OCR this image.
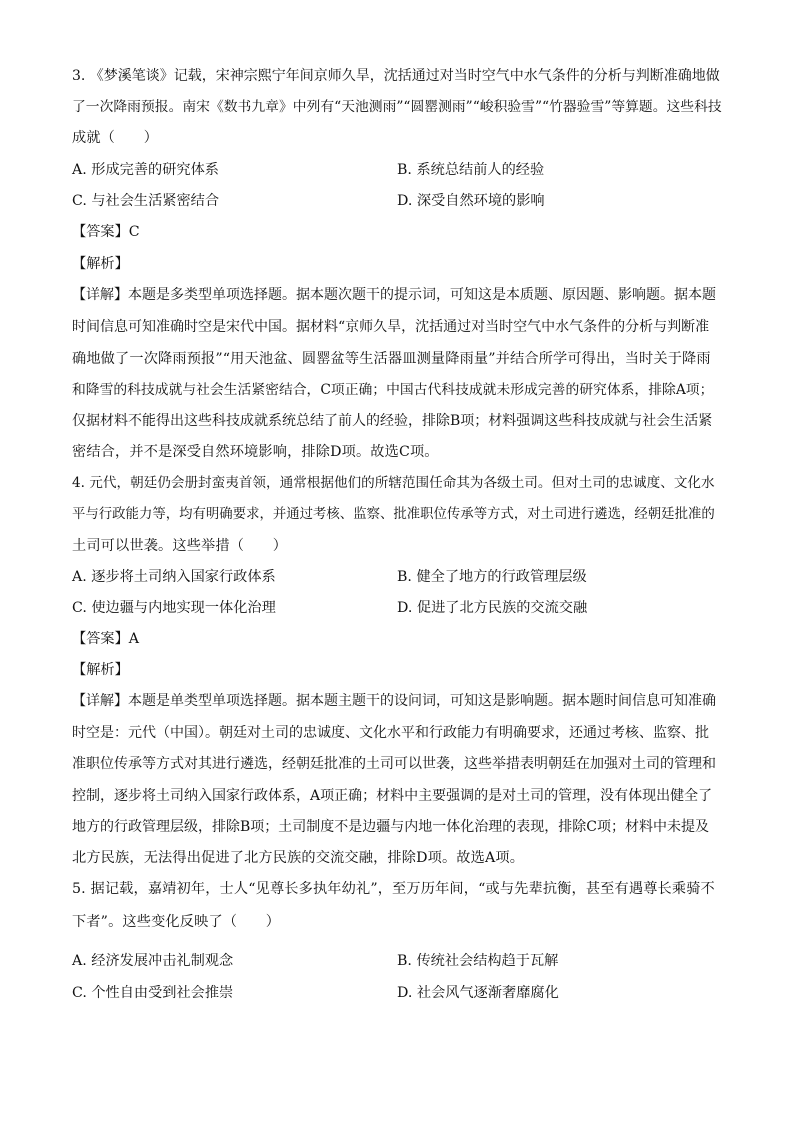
3. 《梦溪笔谈》记载，宋神宗熙宁年间京师久旱，沈括通过对当时空气中水气条件的分析与判断准确地做
了一次降雨预报。南宋《数书九章》中列有“天池测雨”“圆罂测雨”“峻积验雪”“竹器验雪”等算题。这些科技
成就（　　）
A. 形成完善的研究体系	B. 系统总结前人的经验
C. 与社会生活紧密结合	D. 深受自然环境的影响
【答案】C
【解析】
【详解】本题是多类型单项选择题。据本题次题干的提示词，可知这是本质题、原因题、影响题。据本题
时间信息可知准确时空是宋代中国。据材料“京师久旱，沈括通过对当时空气中水气条件的分析与判断准
确地做了一次降雨预报”“用天池盆、圆罂盆等生活器皿测量降雨量”并结合所学可得出，当时关于降雨
和降雪的科技成就与社会生活紧密结合，C项正确；中国古代科技成就未形成完善的研究体系，排除A项；
仅据材料不能得出这些科技成就系统总结了前人的经验，排除B项；材料强调这些科技成就与社会生活紧
密结合，并不是深受自然环境影响，排除D项。故选C项。
4. 元代，朝廷仍会册封蛮夷首领，通常根据他们的所辖范围任命其为各级土司。但对土司的忠诚度、文化水
平与行政能力等，均有明确要求，并通过考核、监察、批准职位传承等方式，对土司进行遴选，经朝廷批准的
土司可以世袭。这些举措（　　）
A. 逐步将土司纳入国家行政体系	B. 健全了地方的行政管理层级
C. 使边疆与内地实现一体化治理	D. 促进了北方民族的交流交融
【答案】A
【解析】
【详解】本题是单类型单项选择题。据本题主题干的设问词，可知这是影响题。据本题时间信息可知准确
时空是：元代（中国）。朝廷对土司的忠诚度、文化水平和行政能力有明确要求，还通过考核、监察、批
准职位传承等方式对其进行遴选，经朝廷批准的土司可以世袭，这些举措表明朝廷在加强对土司的管理和
控制，逐步将土司纳入国家行政体系，A项正确；材料中主要强调的是对土司的管理，没有体现出健全了
地方的行政管理层级，排除B项；土司制度不是边疆与内地一体化治理的表现，排除C项；材料中未提及
北方民族，无法得出促进了北方民族的交流交融，排除D项。故选A项。
5. 据记载，嘉靖初年，士人“见尊长多执年幼礼”，至万历年间，“或与先辈抗衡，甚至有遇尊长乘骑不
下者”。这些变化反映了（　　）
A. 经济发展冲击礼制观念	B. 传统社会结构趋于瓦解
C. 个性自由受到社会推崇	D. 社会风气逐渐奢靡腐化
